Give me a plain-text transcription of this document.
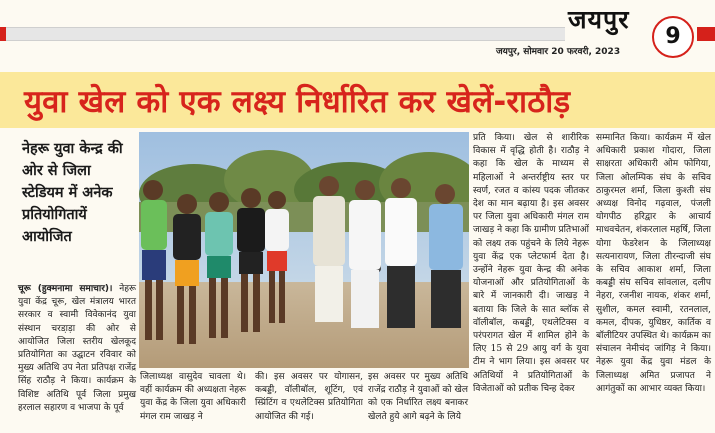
जयपुर
जयपुर, सोमवार 20 फरवरी, 2023
9
युवा खेल को एक लक्ष्य निर्धारित कर खेलें-राठौड़
नेहरू युवा केन्द्र की ओर से जिला स्टेडियम में अनेक प्रतियोगितायें आयोजित
चूरू (हुक्मनामा समाचार)। नेहरू युवा केंद्र चूरू, खेल मंत्रालय भारत सरकार व स्वामी विवेकानंद युवा संस्थान चरडा़ड़ा की ओर से आयोजित जिला स्तरीय खेलकूद प्रतियोगिता का उद्घाटन रविवार को मुख्य अतिथि उप नेता प्रतिपक्ष राजेंद्र सिंह राठौड़ ने किया। कार्यक्रम के विशिष्ट अतिथि पूर्व जिला प्रमुख हरलाल सहारण व भाजपा के पूर्व
प्रति किया। खेल से शारीरिक विकास में वृद्धि होती है। राठौड़ ने कहा कि खेल के माध्यम से महिलाओं ने अन्तर्राष्ट्रीय स्तर पर स्वर्ण, रजत व कांस्य पदक जीतकर देश का मान बढ़ाया है। इस अवसर पर जिला युवा अधिकारी मंगल राम जाखड़ ने कहा कि ग्रामीण प्रतिभाओं को लक्ष्य तक पहुंचने के लिये नेहरू युवा केंद्र एक प्लेटफार्म देता है। उन्होंने नेहरू युवा केन्द्र की अनेक योजनाओं और प्रतियोगिताओं के बारे में जानकारी दी। जाखड़ ने बताया कि जिले के सात ब्लॉक से वॉलीबॉल, कबड्डी, एथलेटिक्स व परंपरागत खेल में शामिल होने के लिए 15 से 29 आयु वर्ग के युवा टीम ने भाग लिया। इस अवसर पर अतिथियों ने प्रतियोगिताओं के विजेताओं को प्रतीक चिन्ह देकर
सम्मानित किया। कार्यक्रम में खेल अधिकारी प्रकाश गोदारा, जिला साक्षरता अधिकारी ओम फोगिया, जिला ओलम्पिक संघ के सचिव ठाकुरमल शर्मा, जिला कुश्ती संघ अध्यक्ष विनोद गढ़वाल, पंजली योगपीठ हरिद्वार के आचार्य माधवचेतन, शंकरलाल महर्षि, जिला योगा फेडरेशन के जिलाध्यक्ष सत्यनारायण, जिला तीरन्दाजी संघ के सचिव आकाश शर्मा, जिला कबड्डी संघ सचिव सांवलाल, दलीप नेहरा, रजनीश नायक, शंकर शर्मा, सुशील, कमल स्वामी, रतनलाल, कमल, दीपक, युधिष्ठर, कार्तिक व बॉलीटियर उपस्थित थे। कार्यक्रम का संचालन नेमीचंद जांगिड़ ने किया। नेहरू युवा केंद्र युवा मंडल के जिलाध्यक्ष अमित प्रजापत ने आगंतुकों का आभार व्यक्त किया।
जिलाध्यक्ष वासुदेव चावला थे। वहीं कार्यक्रम की अध्यक्षता नेहरू युवा केंद्र के जिला युवा अधिकारी मंगल राम जाखड़ ने
की। इस अवसर पर योगासन, कबड्डी, वॉलीबॉल, शूटिंग, एवं स्प्रिंटिंग व एथलेटिक्स प्रतियोगिता आयोजित की गई।
इस अवसर पर मुख्य अतिथि राजेंद्र राठौड़ ने युवाओं को खेल को एक निर्धारित लक्ष्य बनाकर खेलते हुये आगे बढ़ने के लिये
